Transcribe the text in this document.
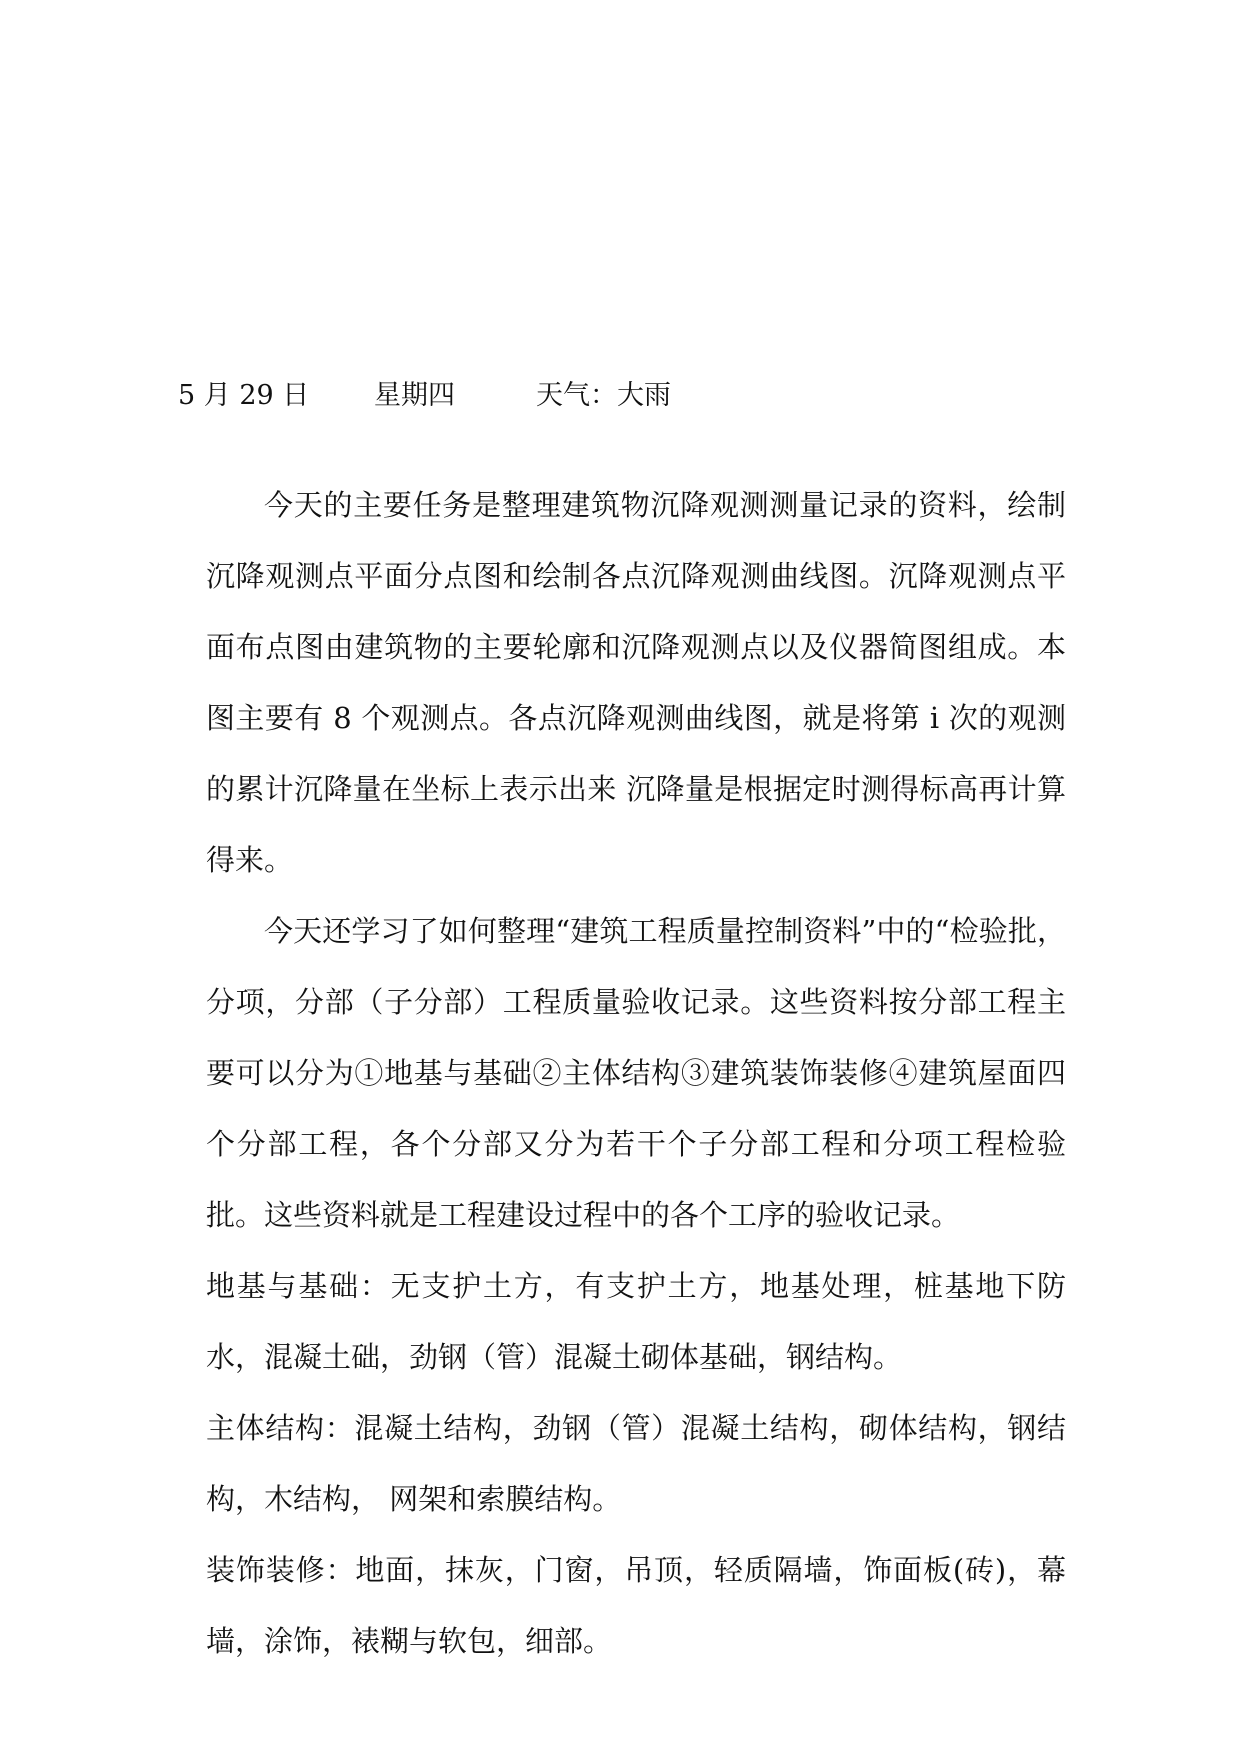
5 月 29 日 星期四	天气：大雨

今天的主要任务是整理建筑物沉降观测测量记录的资料，绘制沉降观测点平面分点图和绘制各点沉降观测曲线图。沉降观测点平面布点图由建筑物的主要轮廓和沉降观测点以及仪器简图组成。本图主要有 8 个观测点。各点沉降观测曲线图，就是将第 i 次的观测的累计沉降量在坐标上表示出来 沉降量是根据定时测得标高再计算得来。

今天还学习了如何整理“建筑工程质量控制资料”中的“检验批，分项，分部（子分部）工程质量验收记录。这些资料按分部工程主要可以分为①地基与基础②主体结构③建筑装饰装修④建筑屋面四个分部工程，各个分部又分为若干个子分部工程和分项工程检验批。这些资料就是工程建设过程中的各个工序的验收记录。

地基与基础：无支护土方，有支护土方，地基处理，桩基地下防水，混凝土础，劲钢（管）混凝土砌体基础，钢结构。

主体结构：混凝土结构，劲钢（管）混凝土结构，砌体结构，钢结构，木结构， 网架和索膜结构。

装饰装修：地面，抹灰，门窗，吊顶，轻质隔墙，饰面板(砖)，幕墙，涂饰，裱糊与软包，细部。
